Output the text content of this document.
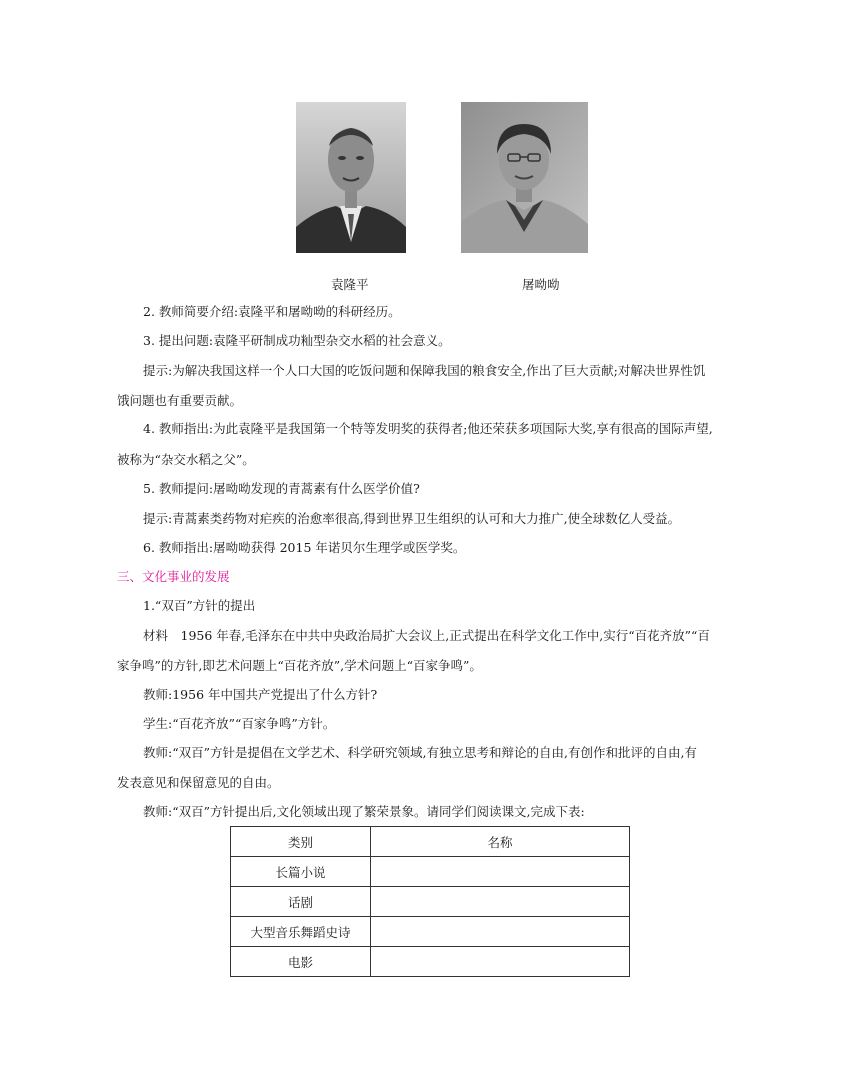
袁隆平	屠呦呦
2. 教师简要介绍:袁隆平和屠呦呦的科研经历。
3. 提出问题:袁隆平研制成功籼型杂交水稻的社会意义。
提示:为解决我国这样一个人口大国的吃饭问题和保障我国的粮食安全,作出了巨大贡献;对解决世界性饥
饿问题也有重要贡献。
4. 教师指出:为此袁隆平是我国第一个特等发明奖的获得者;他还荣获多项国际大奖,享有很高的国际声望,
被称为“杂交水稻之父”。
5. 教师提问:屠呦呦发现的青蒿素有什么医学价值?
提示:青蒿素类药物对疟疾的治愈率很高,得到世界卫生组织的认可和大力推广,使全球数亿人受益。
6. 教师指出:屠呦呦获得 2015 年诺贝尔生理学或医学奖。
三、文化事业的发展
1.“双百”方针的提出
材料　1956 年春,毛泽东在中共中央政治局扩大会议上,正式提出在科学文化工作中,实行“百花齐放”“百
家争鸣”的方针,即艺术问题上“百花齐放”,学术问题上“百家争鸣”。
教师:1956 年中国共产党提出了什么方针?
学生:“百花齐放”“百家争鸣”方针。
教师:“双百”方针是提倡在文学艺术、科学研究领域,有独立思考和辩论的自由,有创作和批评的自由,有
发表意见和保留意见的自由。
教师:“双百”方针提出后,文化领域出现了繁荣景象。请同学们阅读课文,完成下表:
类别	名称
长篇小说	
话剧	
大型音乐舞蹈史诗	
电影	
